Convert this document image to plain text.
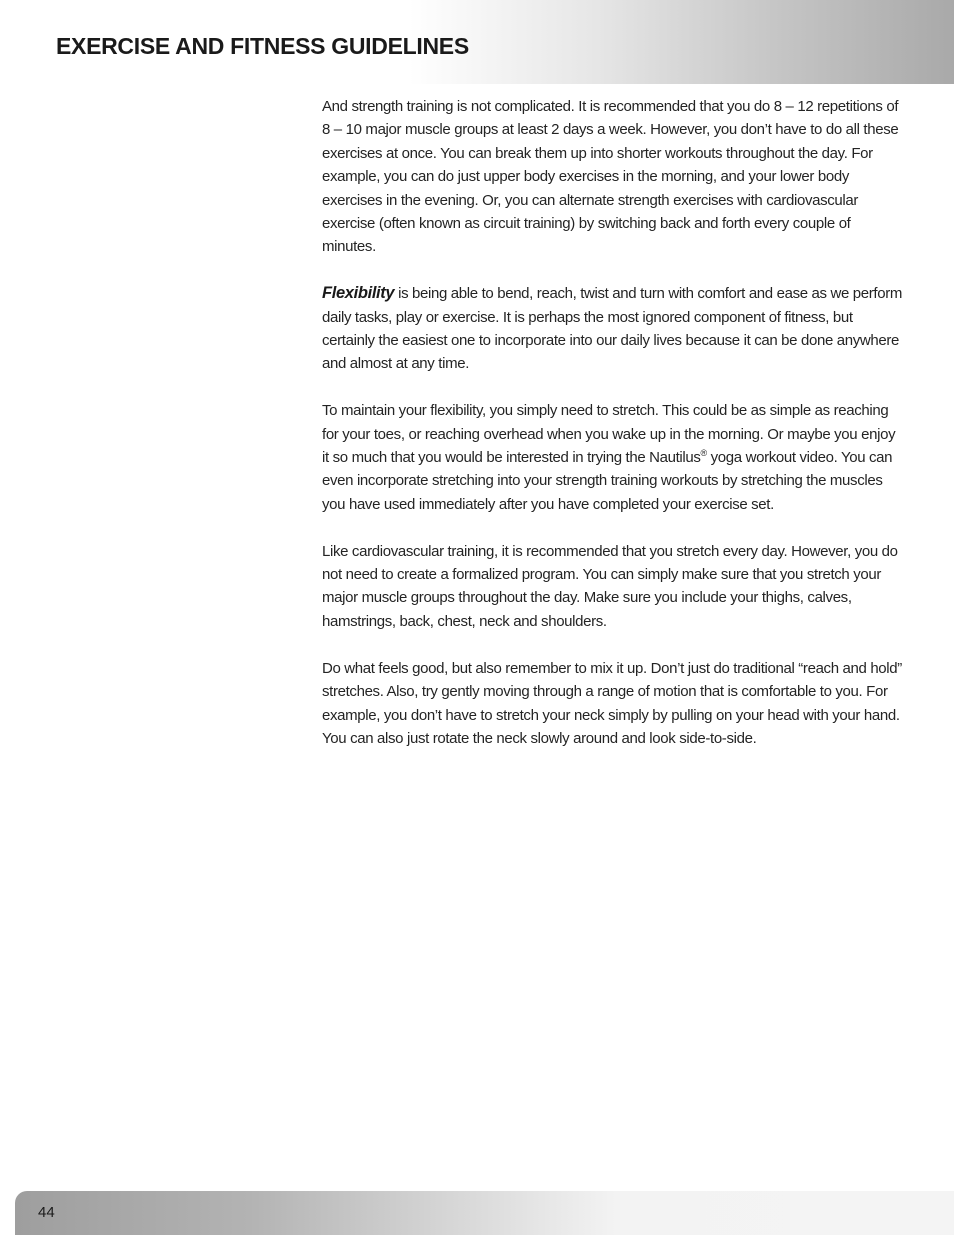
EXERCISE AND FITNESS GUIDELINES

And strength training is not complicated. It is recommended that you do 8 – 12 repetitions of 8 – 10 major muscle groups at least 2 days a week. However, you don’t have to do all these exercises at once. You can break them up into shorter workouts throughout the day. For example, you can do just upper body exercises in the morning, and your lower body exercises in the evening. Or, you can alternate strength exercises with cardiovascular exercise (often known as circuit training) by switching back and forth every couple of minutes.

Flexibility is being able to bend, reach, twist and turn with comfort and ease as we perform daily tasks, play or exercise. It is perhaps the most ignored component of fitness, but certainly the easiest one to incorporate into our daily lives because it can be done anywhere and almost at any time.

To maintain your flexibility, you simply need to stretch. This could be as simple as reaching for your toes, or reaching overhead when you wake up in the morning. Or maybe you enjoy it so much that you would be interested in trying the Nautilus® yoga workout video. You can even incorporate stretching into your strength training workouts by stretching the muscles you have used immediately after you have completed your exercise set.

Like cardiovascular training, it is recommended that you stretch every day. However, you do not need to create a formalized program. You can simply make sure that you stretch your major muscle groups throughout the day. Make sure you include your thighs, calves, hamstrings, back, chest, neck and shoulders.

Do what feels good, but also remember to mix it up. Don’t just do traditional “reach and hold” stretches. Also, try gently moving through a range of motion that is comfortable to you. For example, you don’t have to stretch your neck simply by pulling on your head with your hand. You can also just rotate the neck slowly around and look side-to-side.

44
